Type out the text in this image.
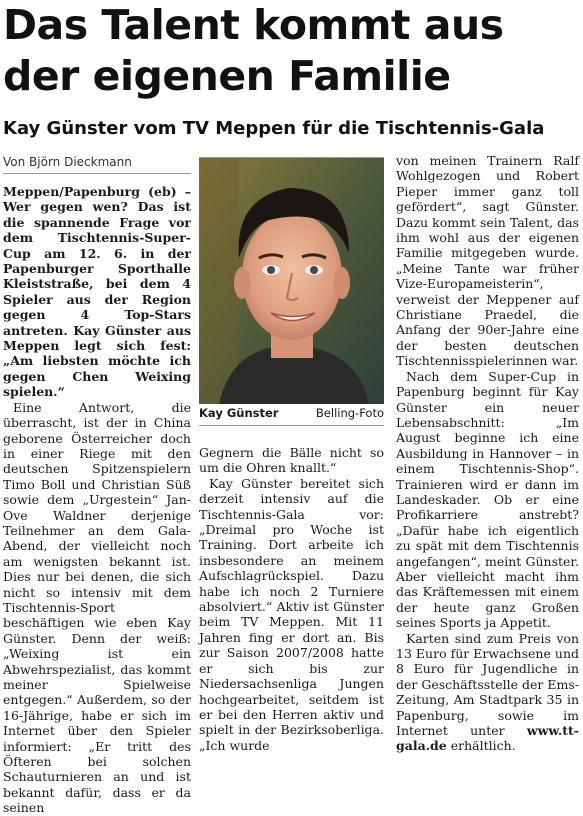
Das Talent kommt aus der eigenen Familie
Kay Günster vom TV Meppen für die Tischtennis-Gala
Von Björn Dieckmann

Meppen/Papenburg (eb) – Wer gegen wen? Das ist die spannende Frage vor dem Tischtennis-Super-Cup am 12. 6. in der Papenburger Sporthalle Kleiststraße, bei dem 4 Spieler aus der Region gegen 4 Top-Stars antreten. Kay Günster aus Meppen legt sich fest: „Am liebsten möchte ich gegen Chen Weixing spielen.“

Eine Antwort, die überrascht, ist der in China geborene Österreicher doch in einer Riege mit den deutschen Spitzenspielern Timo Boll und Christian Süß sowie dem „Urgestein“ Jan-Ove Waldner derjenige Teilnehmer an dem Gala-Abend, der vielleicht noch am wenigsten bekannt ist. Dies nur bei denen, die sich nicht so intensiv mit dem Tischtennis-Sport beschäftigen wie eben Kay Günster. Denn der weiß: „Weixing ist ein Abwehrspezialist, das kommt meiner Spielweise entgegen.“ Außerdem, so der 16-Jährige, habe er sich im Internet über den Spieler informiert: „Er tritt des Öfteren bei solchen Schauturnieren an und ist bekannt dafür, dass er da seinen

Kay Günster	Belling-Foto

Gegnern die Bälle nicht so um die Ohren knallt.“

Kay Günster bereitet sich derzeit intensiv auf die Tischtennis-Gala vor: „Dreimal pro Woche ist Training. Dort arbeite ich insbesondere an meinem Aufschlagrückspiel. Dazu habe ich noch 2 Turniere absolviert.“ Aktiv ist Günster beim TV Meppen. Mit 11 Jahren fing er dort an. Bis zur Saison 2007/2008 hatte er sich bis zur Niedersachsenliga Jungen hochgearbeitet, seitdem ist er bei den Herren aktiv und spielt in der Bezirksoberliga. „Ich wurde

von meinen Trainern Ralf Wohlgezogen und Robert Pieper immer ganz toll gefördert“, sagt Günster. Dazu kommt sein Talent, das ihm wohl aus der eigenen Familie mitgegeben wurde. „Meine Tante war früher Vize-Europameisterin“, verweist der Meppener auf Christiane Praedel, die Anfang der 90er-Jahre eine der besten deutschen Tischtennisspielerinnen war.

Nach dem Super-Cup in Papenburg beginnt für Kay Günster ein neuer Lebensabschnitt: „Im August beginne ich eine Ausbildung in Hannover – in einem Tischtennis-Shop“. Trainieren wird er dann im Landeskader. Ob er eine Profikarriere anstrebt? „Dafür habe ich eigentlich zu spät mit dem Tischtennis angefangen“, meint Günster. Aber vielleicht macht ihm das Kräftemessen mit einem der heute ganz Großen seines Sports ja Appetit.

Karten sind zum Preis von 13 Euro für Erwachsene und 8 Euro für Jugendliche in der Geschäftsstelle der Ems-Zeitung, Am Stadtpark 35 in Papenburg, sowie im Internet unter www.tt-gala.de erhältlich.
